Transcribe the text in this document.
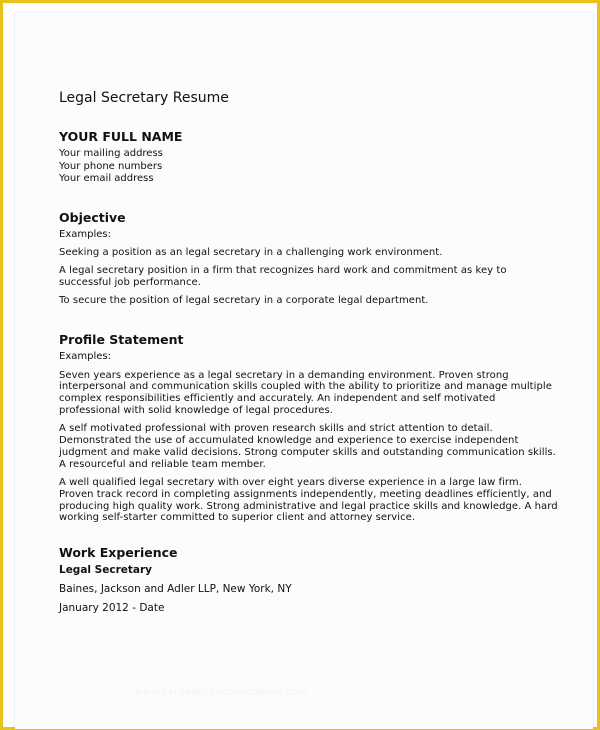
Legal Secretary Resume
YOUR FULL NAME

Your mailing address

Your phone numbers

Your email address

Objective

Examples:

Seeking a position as an legal secretary in a challenging work environment.

A legal secretary position in a firm that recognizes hard work and commitment as key to successful job performance.

To secure the position of legal secretary in a corporate legal department.

Profile Statement

Examples:

Seven years experience as a legal secretary in a demanding environment. Proven strong interpersonal and communication skills coupled with the ability to prioritize and manage multiple complex responsibilities efficiently and accurately. An independent and self motivated professional with solid knowledge of legal procedures.

A self motivated professional with proven research skills and strict attention to detail. Demonstrated the use of accumulated knowledge and experience to exercise independent judgment and make valid decisions. Strong computer skills and outstanding communication skills. A resourceful and reliable team member.

A well qualified legal secretary with over eight years diverse experience in a large law firm. Proven track record in completing assignments independently, meeting deadlines efficiently, and producing high quality work. Strong administrative and legal practice skills and knowledge. A hard working self-starter committed to superior client and attorney service.

Work Experience
Legal Secretary
Baines, Jackson and Adler LLP, New York, NY
January 2012 - Date
www.heritagechristiancollege.com
